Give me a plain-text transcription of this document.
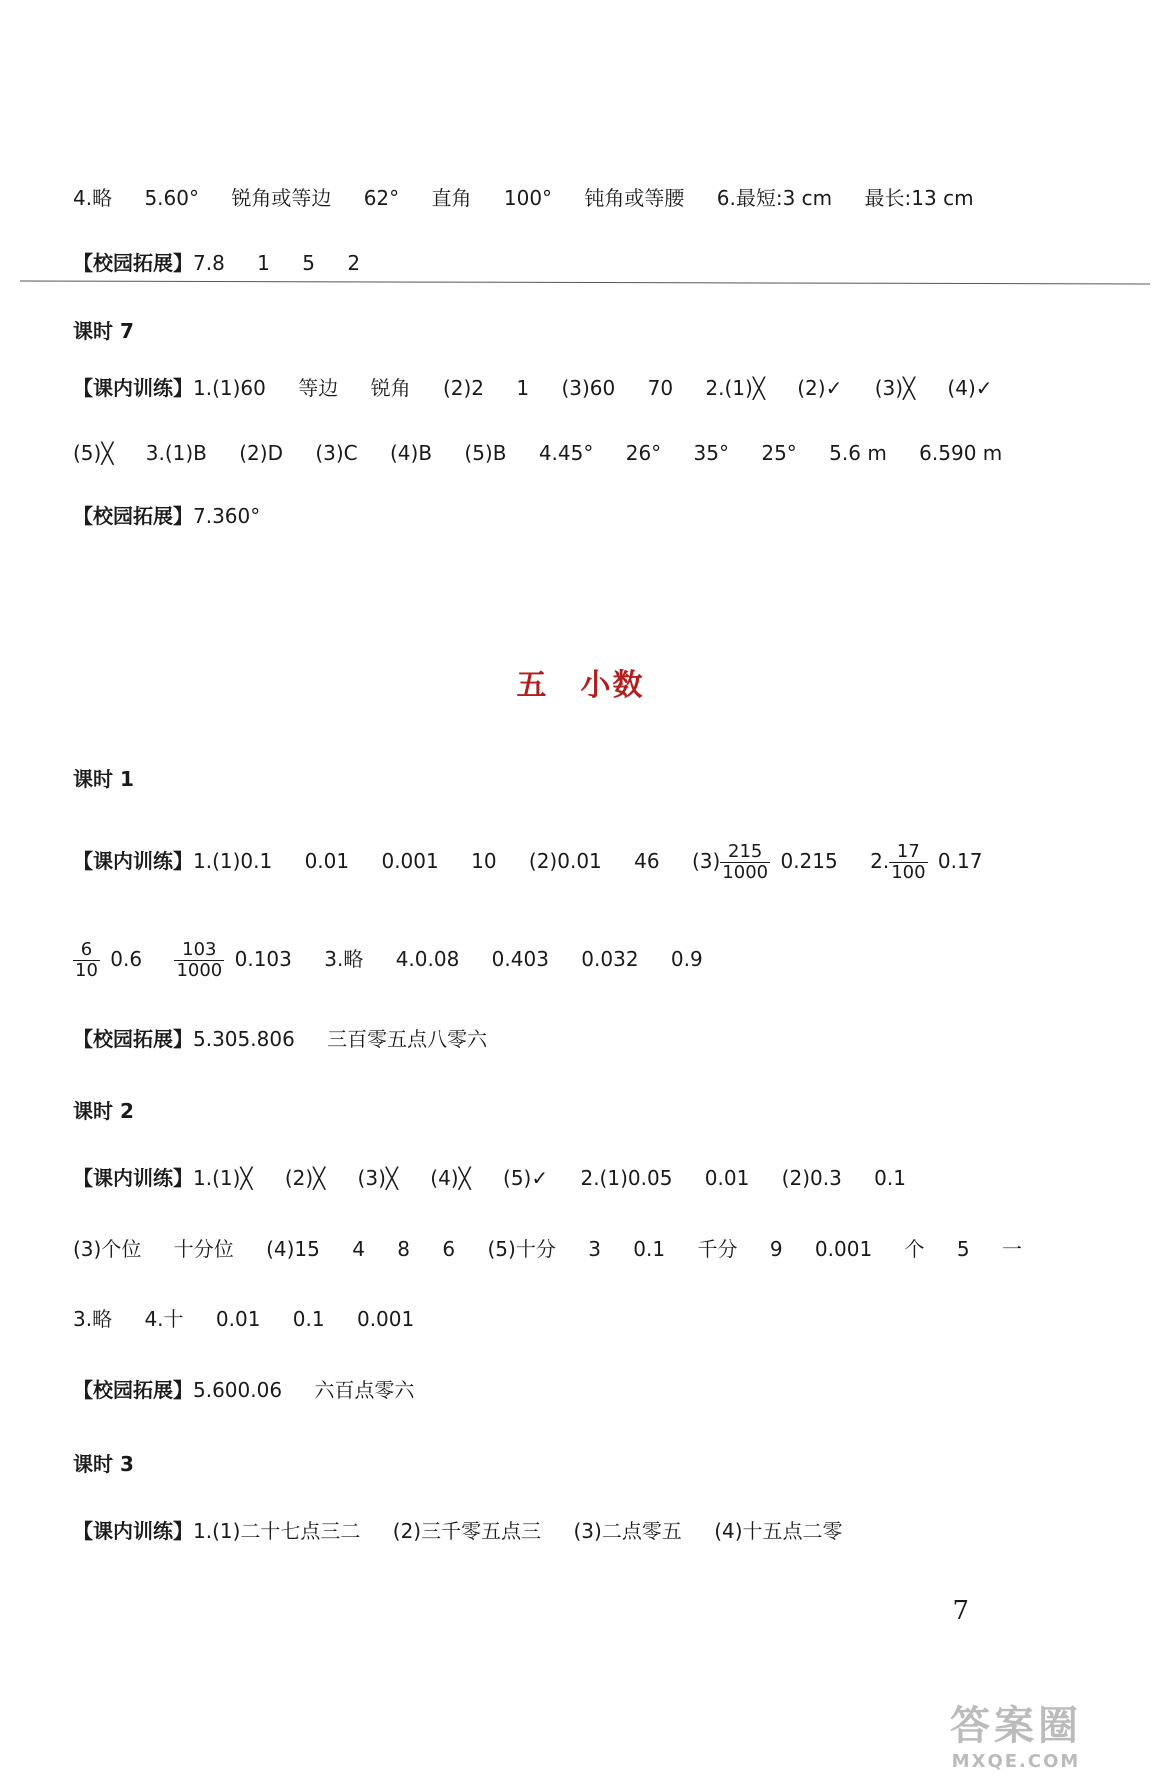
4.略 5.60° 锐角或等边 62° 直角 100° 钝角或等腰 6.最短:3 cm 最长:13 cm
【校园拓展】7.8 1 5 2
课时 7
【课内训练】1.(1)60 等边 锐角 (2)2 1 (3)60 70 2.(1)╳ (2)✓ (3)╳ (4)✓
(5)╳ 3.(1)B (2)D (3)C (4)B (5)B 4.45° 26° 35° 25° 5.6 m 6.590 m
【校园拓展】7.360°
五 小数
课时 1
【课内训练】1.(1)0.1 0.01 0.001 10 (2)0.01 46 $(3) \frac{215}{1000} 0.215$ 2. $\frac{17}{100} 0.17$
$\frac{6}{10} 0.6 \frac{103}{1000} 0.103$ 3.略 4.0.08 0.403 0.032 0.9
【校园拓展】5.305.806 三百零五点八零六
课时 2
【课内训练】1.(1)╳ (2)╳ (3)╳ (4)╳ (5)✓ 2.(1)0.05 0.01 (2)0.3 0.1
(3)个位 十分位 (4)15 4 8 6 (5)十分 3 0.1 千分 9 0.001 个 5 一
3.略 4.十 0.01 0.1 0.001
【校园拓展】5.600.06 六百点零六
课时 3
【课内训练】1.(1)二十七点三二 (2)三千零五点三 (3)二点零五 (4)十五点二零
7
答案圈
MXQE.COM
